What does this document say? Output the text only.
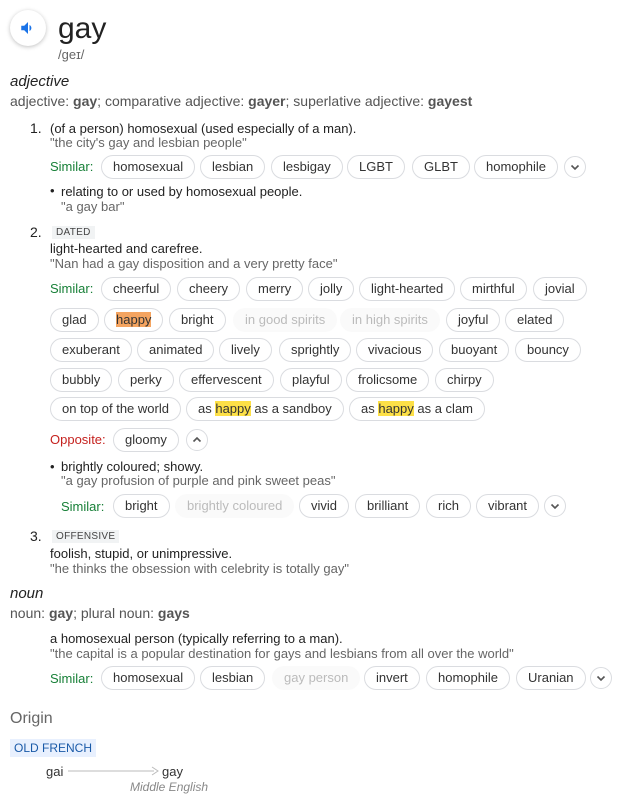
gay
/ɡeɪ/
adjective
adjective: gay; comparative adjective: gayer; superlative adjective: gayest
1. (of a person) homosexual (used especially of a man).
"the city's gay and lesbian people"
Similar:	homosexual	lesbian	lesbigay	LGBT	GLBT	homophile
• relating to or used by homosexual people.
"a gay bar"
2.	DATED
light-hearted and carefree.
"Nan had a gay disposition and a very pretty face"
Similar:	cheerful	cheery	merry	jolly	light-hearted	mirthful	jovial
glad	happy	bright	in good spirits	in high spirits	joyful	elated
exuberant	animated	lively	sprightly	vivacious	buoyant	bouncy
bubbly	perky	effervescent	playful	frolicsome	chirpy
on top of the world	as happy as a sandboy	as happy as a clam
Opposite:	gloomy
• brightly coloured; showy.
"a gay profusion of purple and pink sweet peas"
Similar:	bright	brightly coloured	vivid	brilliant	rich	vibrant
3.	OFFENSIVE
foolish, stupid, or unimpressive.
"he thinks the obsession with celebrity is totally gay"
noun
noun: gay; plural noun: gays
a homosexual person (typically referring to a man).
"the capital is a popular destination for gays and lesbians from all over the world"
Similar:	homosexual	lesbian	gay person	invert	homophile	Uranian
Origin
OLD FRENCH
gai	gay
Middle English
